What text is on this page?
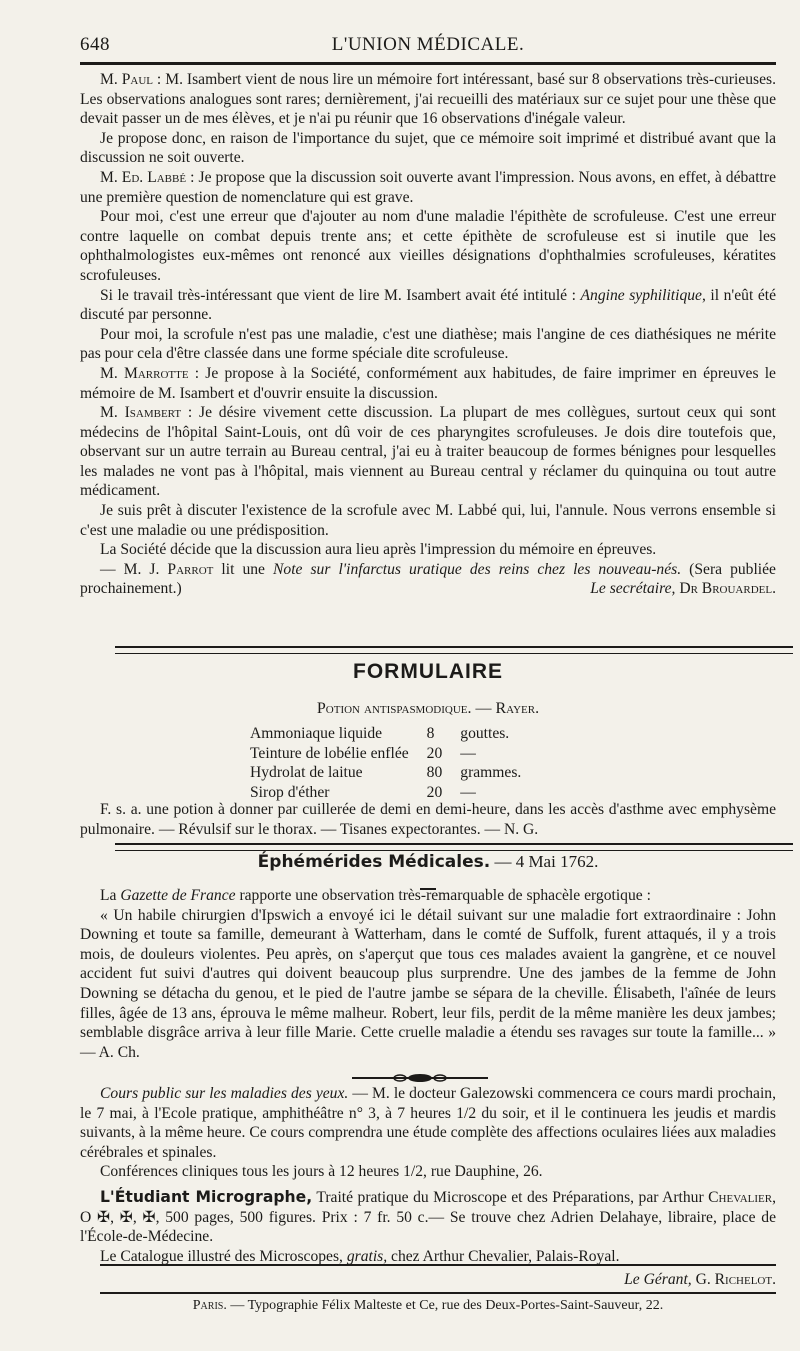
648	L'UNION MÉDICALE.

M. Paul : M. Isambert vient de nous lire un mémoire fort intéressant, basé sur 8 observations très-curieuses. Les observations analogues sont rares; dernièrement, j'ai recueilli des matériaux sur ce sujet pour une thèse que devait passer un de mes élèves, et je n'ai pu réunir que 16 observations d'inégale valeur.

Je propose donc, en raison de l'importance du sujet, que ce mémoire soit imprimé et distribué avant que la discussion ne soit ouverte.

M. Ed. Labbé : Je propose que la discussion soit ouverte avant l'impression. Nous avons, en effet, à débattre une première question de nomenclature qui est grave.

Pour moi, c'est une erreur que d'ajouter au nom d'une maladie l'épithète de scrofuleuse. C'est une erreur contre laquelle on combat depuis trente ans; et cette épithète de scrofuleuse est si inutile que les ophthalmologistes eux-mêmes ont renoncé aux vieilles désignations d'ophthalmies scrofuleuses, kératites scrofuleuses.

Si le travail très-intéressant que vient de lire M. Isambert avait été intitulé : Angine syphilitique, il n'eût été discuté par personne.

Pour moi, la scrofule n'est pas une maladie, c'est une diathèse; mais l'angine de ces diathésiques ne mérite pas pour cela d'être classée dans une forme spéciale dite scrofuleuse.

M. Marrotte : Je propose à la Société, conformément aux habitudes, de faire imprimer en épreuves le mémoire de M. Isambert et d'ouvrir ensuite la discussion.

M. Isambert : Je désire vivement cette discussion. La plupart de mes collègues, surtout ceux qui sont médecins de l'hôpital Saint-Louis, ont dû voir de ces pharyngites scrofuleuses. Je dois dire toutefois que, observant sur un autre terrain au Bureau central, j'ai eu à traiter beaucoup de formes bénignes pour lesquelles les malades ne vont pas à l'hôpital, mais viennent au Bureau central y réclamer du quinquina ou tout autre médicament.

Je suis prêt à discuter l'existence de la scrofule avec M. Labbé qui, lui, l'annule. Nous verrons ensemble si c'est une maladie ou une prédisposition.

La Société décide que la discussion aura lieu après l'impression du mémoire en épreuves.

— M. J. Parrot lit une Note sur l'infarctus uratique des reins chez les nouveau-nés. (Sera publiée prochainement.)	Le secrétaire, Dr Brouardel.

FORMULAIRE
Potion antispasmodique. — Rayer.
Ammoniaque liquide	8	gouttes.
Teinture de lobélie enflée	20	—
Hydrolat de laitue	80	grammes.
Sirop d'éther	20	—

F. s. a. une potion à donner par cuillerée de demi en demi-heure, dans les accès d'asthme avec emphysème pulmonaire. — Révulsif sur le thorax. — Tisanes expectorantes. — N. G.

Éphémérides Médicales. — 4 Mai 1762.

La Gazette de France rapporte une observation très-remarquable de sphacèle ergotique :

« Un habile chirurgien d'Ipswich a envoyé ici le détail suivant sur une maladie fort extraordinaire : John Downing et toute sa famille, demeurant à Watterham, dans le comté de Suffolk, furent attaqués, il y a trois mois, de douleurs violentes. Peu après, on s'aperçut que tous ces malades avaient la gangrène, et ce nouvel accident fut suivi d'autres qui doivent beaucoup plus surprendre. Une des jambes de la femme de John Downing se détacha du genou, et le pied de l'autre jambe se sépara de la cheville. Élisabeth, l'aînée de leurs filles, âgée de 13 ans, éprouva le même malheur. Robert, leur fils, perdit de la même manière les deux jambes; semblable disgrâce arriva à leur fille Marie. Cette cruelle maladie a étendu ses ravages sur toute la famille... » — A. Ch.

Cours public sur les maladies des yeux. — M. le docteur Galezowski commencera ce cours mardi prochain, le 7 mai, à l'Ecole pratique, amphithéâtre n° 3, à 7 heures 1/2 du soir, et il le continuera les jeudis et mardis suivants, à la même heure. Ce cours comprendra une étude complète des affections oculaires liées aux maladies cérébrales et spinales.

Conférences cliniques tous les jours à 12 heures 1/2, rue Dauphine, 26.

L'Étudiant Micrographe, Traité pratique du Microscope et des Préparations, par Arthur Chevalier, O ✠, ✠, ✠, 500 pages, 500 figures. Prix : 7 fr. 50 c.— Se trouve chez Adrien Delahaye, libraire, place de l'École-de-Médecine.

Le Catalogue illustré des Microscopes, gratis, chez Arthur Chevalier, Palais-Royal.

Le Gérant, G. Richelot.
Paris. — Typographie Félix Malteste et Ce, rue des Deux-Portes-Saint-Sauveur, 22.
